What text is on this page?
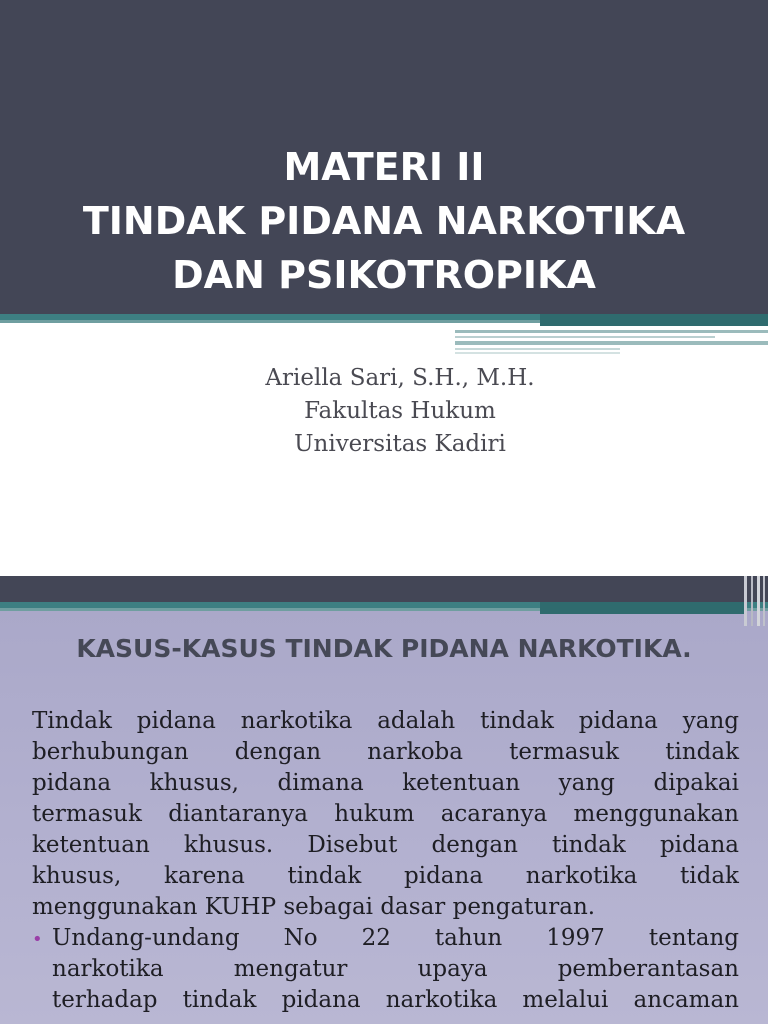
MATERI II
TINDAK PIDANA NARKOTIKA
DAN PSIKOTROPIKA
Ariella Sari, S.H., M.H.
Fakultas Hukum
Universitas Kadiri
KASUS-KASUS TINDAK PIDANA NARKOTIKA.
Tindak pidana narkotika adalah tindak pidana yang
berhubungan dengan narkoba termasuk tindak
pidana khusus, dimana ketentuan yang dipakai
termasuk diantaranya hukum acaranya menggunakan
ketentuan khusus. Disebut dengan tindak pidana
khusus, karena tindak pidana narkotika tidak
menggunakan KUHP sebagai dasar pengaturan.
• Undang-undang No 22 tahun 1997 tentang
narkotika mengatur upaya pemberantasan
terhadap tindak pidana narkotika melalui ancaman
